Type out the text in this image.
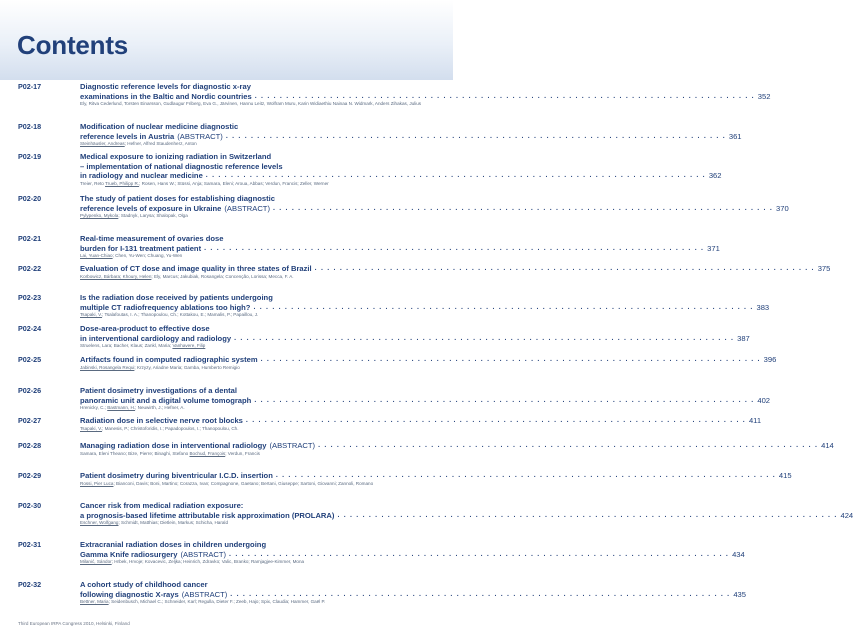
Contents
P02-17	Diagnostic reference levels for diagnostic x-ray
examinations in the Baltic and Nordic countries . . . . . . . . . . . . . . . . . . . . . . . . . . . . . . . . . . . . . . . . . . . . . . . . . . . . . . . . . . . . . . . . . . . . . . . . . . . . . . . . 352
Ely, Ritva Cederlund, Torsten Einarsson, Gudlaugur Friberg, Eva G., Järvinen, Hannu Leitz, Wolfram Muru, Karin Widiaethiu Nainaa N. Widmark, Anders Zihakas, Julius
P02-18	Modification of nuclear medicine diagnostic
reference levels in Austria (ABSTRACT) . . . . . . . . . . . . . . . . . . . . . . . . . . . . . . . . . . . . . . . . . . . . . . . . . . . . . . . . . . . . . . . . . . . . . . . . . . . . . . . . 361
Steinhäusler, Andreas; Hefner, Alfred Staudenherz, Anton
P02-19	Medical exposure to ionizing radiation in Switzerland
– implementation of national diagnostic reference levels
in radiology and nuclear medicine . . . . . . . . . . . . . . . . . . . . . . . . . . . . . . . . . . . . . . . . . . . . . . . . . . . . . . . . . . . . . . . . . . . . . . . . . . . . . . . . 362
Treier, Reto Trueb, Philipp R.; Rosen, Hans W.; Stüssi, Anja; Samara, Eleni; Aroua, Abbas; Verdun, Francis; Zeller, Werner
P02-20	The study of patient doses for establishing diagnostic
reference levels of exposure in Ukraine (ABSTRACT) . . . . . . . . . . . . . . . . . . . . . . . . . . . . . . . . . . . . . . . . . . . . . . . . . . . . . . . . . . . . . . . . . . . . . . . . . . . . . . . . 370
Pylypenko, Mykola; Stadnyk, Larysa; Shalopak, Olga
P02-21	Real-time measurement of ovaries dose
burden for I-131 treatment patient . . . . . . . . . . . . . . . . . . . . . . . . . . . . . . . . . . . . . . . . . . . . . . . . . . . . . . . . . . . . . . . . . . . . . . . . . . . . . . . . 371
Lai, Yuan-Chiao; Chen, Yu-Wen; Chuang, Yu-Wen
P02-22	Evaluation of CT dose and image quality in three states of Brazil . . . . . . . . . . . . . . . . . . . . . . . . . . . . . . . . . . . . . . . . . . . . . . . . . . . . . . . . . . . . . . . . . . . . . . . . . . . . . . . . 375
Korbowicz, Bárbara; Khoury, Helen; Ely, Marcus; Jakubiak, Rosangela; Concenção, Lorissa; Mecca, F. A.
P02-23	Is the radiation dose received by patients undergoing
multiple CT radiofrequency ablations too high? . . . . . . . . . . . . . . . . . . . . . . . . . . . . . . . . . . . . . . . . . . . . . . . . . . . . . . . . . . . . . . . . . . . . . . . . . . . . . . . . 383
Tsapaki, V.; Tsalafoutas, I. A.; Thanopoulou, Ch.; Kottakou, E.; Mamalis, P.; Papaillou, J.
P02-24	Dose-area-product to effective dose
in interventional cardiology and radiology . . . . . . . . . . . . . . . . . . . . . . . . . . . . . . . . . . . . . . . . . . . . . . . . . . . . . . . . . . . . . . . . . . . . . . . . . . . . . . . . 387
Struelens, Lara; Bacher, Klaus; Zankl, Maria; Vanhavere, Filip
P02-25	Artifacts found in computed radiographic system . . . . . . . . . . . . . . . . . . . . . . . . . . . . . . . . . . . . . . . . . . . . . . . . . . . . . . . . . . . . . . . . . . . . . . . . . . . . . . . . 396
Jabinski, Rosangela Requi; Krzyzy, Ariadne Maria; Gamba, Humberto Remigio
P02-26	Patient dosimetry investigations of a dental
panoramic unit and a digital volume tomograph . . . . . . . . . . . . . . . . . . . . . . . . . . . . . . . . . . . . . . . . . . . . . . . . . . . . . . . . . . . . . . . . . . . . . . . . . . . . . . . . 402
Hrenicky, C.; Bastmann, H.; Neuwirth, J.; Hefner, A.
P02-27	Radiation dose in selective nerve root blocks . . . . . . . . . . . . . . . . . . . . . . . . . . . . . . . . . . . . . . . . . . . . . . . . . . . . . . . . . . . . . . . . . . . . . . . . . . . . . . . . 411
Tsapaki, V.; Manesis, P.; Christoforidis, I.; Papadopoulos, I.; Thanopoulou, Ch.
P02-28	Managing radiation dose in interventional radiology (ABSTRACT) . . . . . . . . . . . . . . . . . . . . . . . . . . . . . . . . . . . . . . . . . . . . . . . . . . . . . . . . . . . . . . . . . . . . . . . . . . . . . . . . 414
Samara, Eleni Theano; Bize, Pierre; Binaghi, Stefano Bochud, François; Verdun, Francis
P02-29	Patient dosimetry during biventricular I.C.D. insertion . . . . . . . . . . . . . . . . . . . . . . . . . . . . . . . . . . . . . . . . . . . . . . . . . . . . . . . . . . . . . . . . . . . . . . . . . . . . . . . . 415
Rossi, Pier Luca; Bianconi, Davis; Boni, Martino; Corazza, Ivan; Compagnone, Gaetano; Bertani, Giuseppe; Sartoni, Giovanni; Zannoli, Romano
P02-30	Cancer risk from medical radiation exposure:
a prognosis-based lifetime attributable risk approximation (PROLARA) . . . . . . . . . . . . . . . . . . . . . . . . . . . . . . . . . . . . . . . . . . . . . . . . . . . . . . . . . . . . . . . . . . . . . . . . . . . . . . . . 424
Eschner, Wolfgang; Schmidt, Matthias; Dietlein, Markus; Schicha, Harald
P02-31	Extracranial radiation doses in children undergoing
Gamma Knife radiosurgery (ABSTRACT) . . . . . . . . . . . . . . . . . . . . . . . . . . . . . . . . . . . . . . . . . . . . . . . . . . . . . . . . . . . . . . . . . . . . . . . . . . . . . . . . 434
Milanić, Sándor; Hrbek, Hrvoje; Kovacevic, Zeljka; Heinrich, Zdravko; Valic, Branko; Ramjagjee-Kimmer, Mona
P02-32	A cohort study of childhood cancer
following diagnostic X-rays (ABSTRACT) . . . . . . . . . . . . . . . . . . . . . . . . . . . . . . . . . . . . . . . . . . . . . . . . . . . . . . . . . . . . . . . . . . . . . . . . . . . . . . . . 435
Bettner, Maria; Seidenbusch, Michael C.; Schneider, Karl; Regulla, Dieter F.; Zeeb, Hajo; Spix, Claudia; Hammer, Gaël P.
Third European IRPA Congress 2010, Helsinki, Finland
